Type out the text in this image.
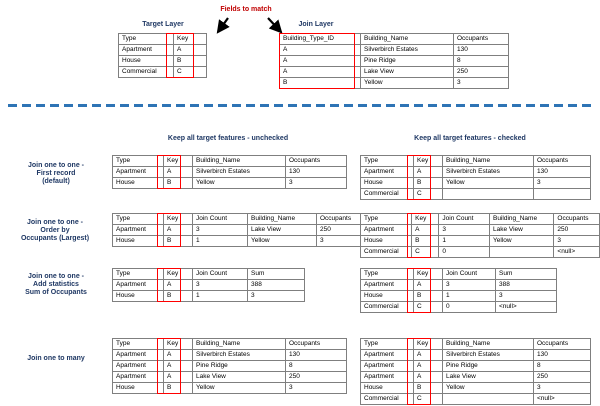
Target Layer
Fields to match
Join Layer
Type	Key
Apartment	A
House	B
Commercial	C
Building_Type_ID	Building_Name	Occupants
A	Silverbirch Estates	130
A	Pine Ridge	8
A	Lake View	250
B	Yellow	3
Keep all target features - unchecked	Keep all target features - checked
Join one to one -
First record
(default)
Type	Key	Building_Name	Occupants
Apartment	A	Silverbirch Estates	130
House	B	Yellow	3
Type	Key	Building_Name	Occupants
Apartment	A	Silverbirch Estates	130
House	B	Yellow	3
Commercial	C		
Join one to one -
Order by
Occupants (Largest)
Type	Key	Join Count	Building_Name	Occupants
Apartment	A	3	Lake View	250
House	B	1	Yellow	3
Type	Key	Join Count	Building_Name	Occupants
Apartment	A	3	Lake View	250
House	B	1	Yellow	3
Commercial	C	0		<null>
Join one to one -
Add statistics
Sum of Occupants
Type	Key	Join Count	Sum
Apartment	A	3	388
House	B	1	3
Type	Key	Join Count	Sum
Apartment	A	3	388
House	B	1	3
Commercial	C	0	<null>
Join one to many
Type	Key	Building_Name	Occupants
Apartment	A	Silverbirch Estates	130
Apartment	A	Pine Ridge	8
Apartment	A	Lake View	250
House	B	Yellow	3
Type	Key	Building_Name	Occupants
Apartment	A	Silverbirch Estates	130
Apartment	A	Pine Ridge	8
Apartment	A	Lake View	250
House	B	Yellow	3
Commercial	C		<null>
